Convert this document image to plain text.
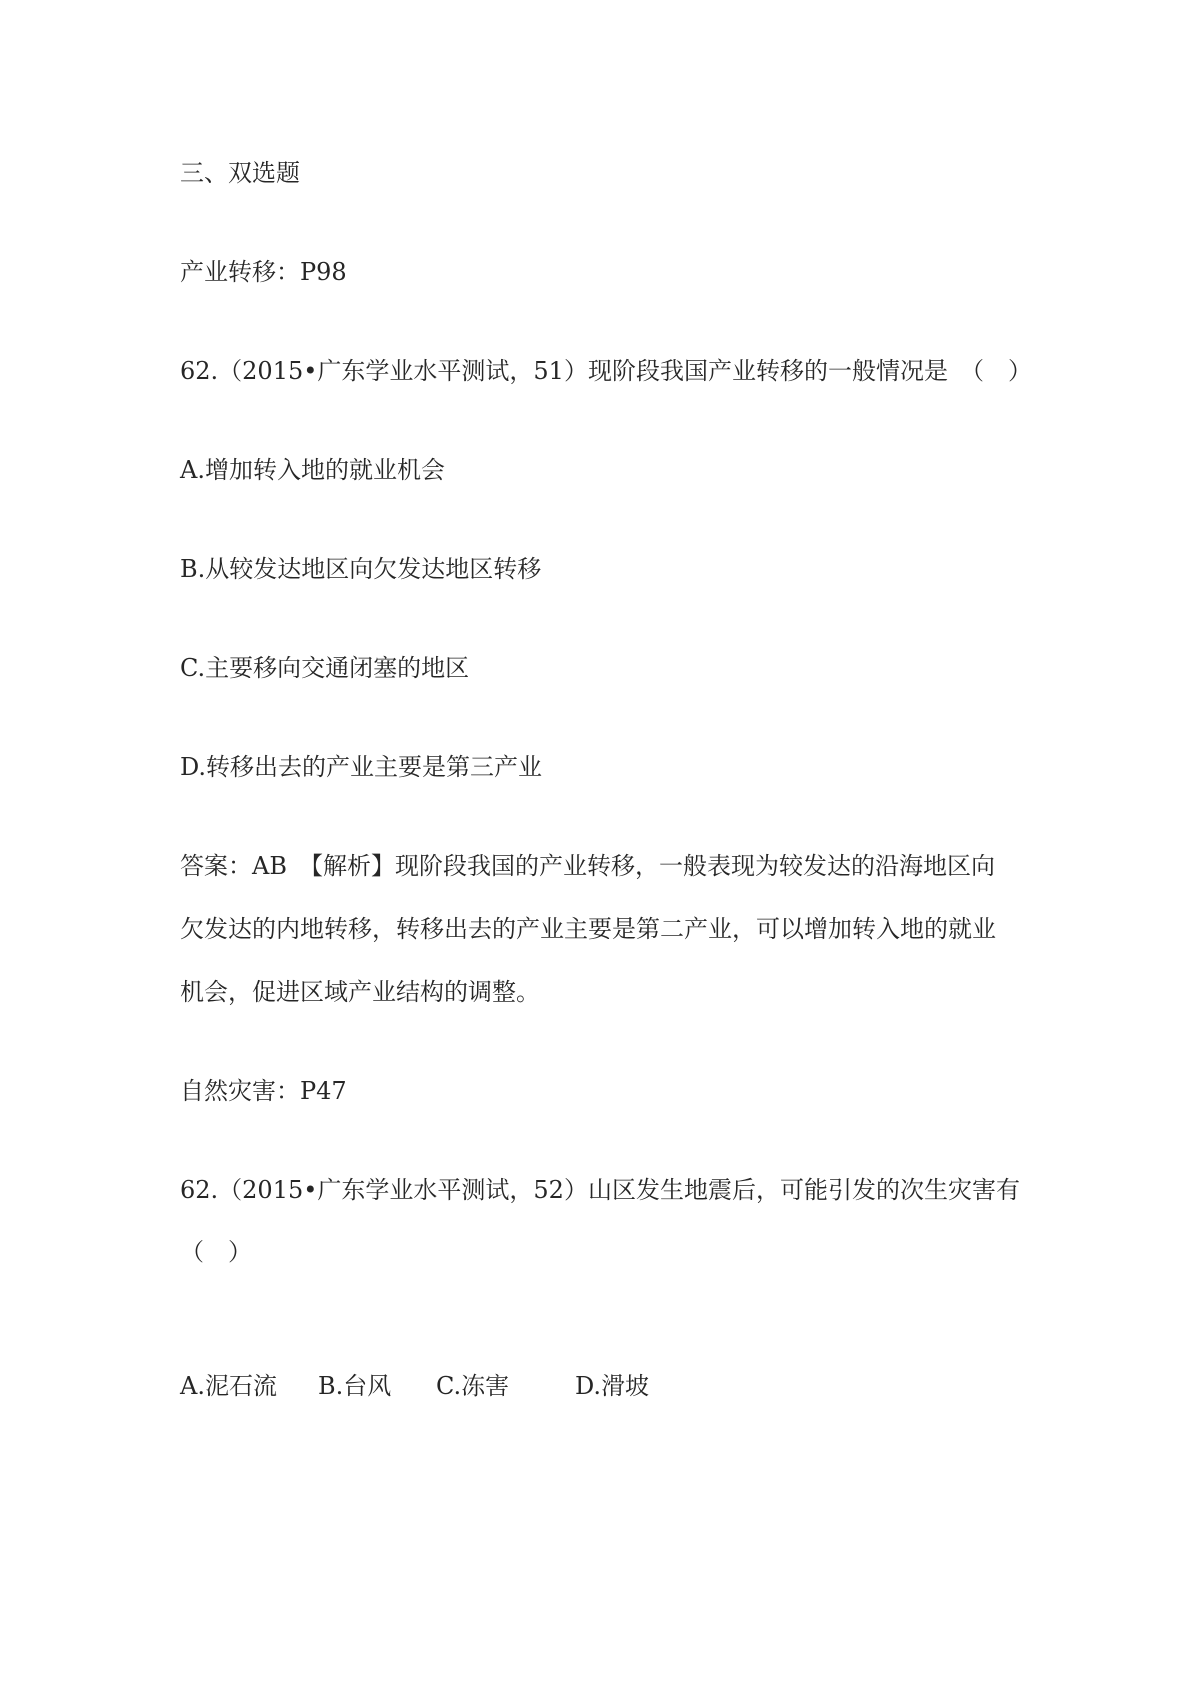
三、双选题

产业转移：P98

62.（2015•广东学业水平测试，51）现阶段我国产业转移的一般情况是　（　）

A.增加转入地的就业机会

B.从较发达地区向欠发达地区转移

C.主要移向交通闭塞的地区

D.转移出去的产业主要是第三产业

答案：AB　【解析】现阶段我国的产业转移，一般表现为较发达的沿海地区向

欠发达的内地转移，转移出去的产业主要是第二产业，可以增加转入地的就业

机会，促进区域产业结构的调整。

自然灾害：P47

62.（2015•广东学业水平测试，52）山区发生地震后，可能引发的次生灾害有

（　）

A.泥石流 B.台风 C.冻害	D.滑坡
